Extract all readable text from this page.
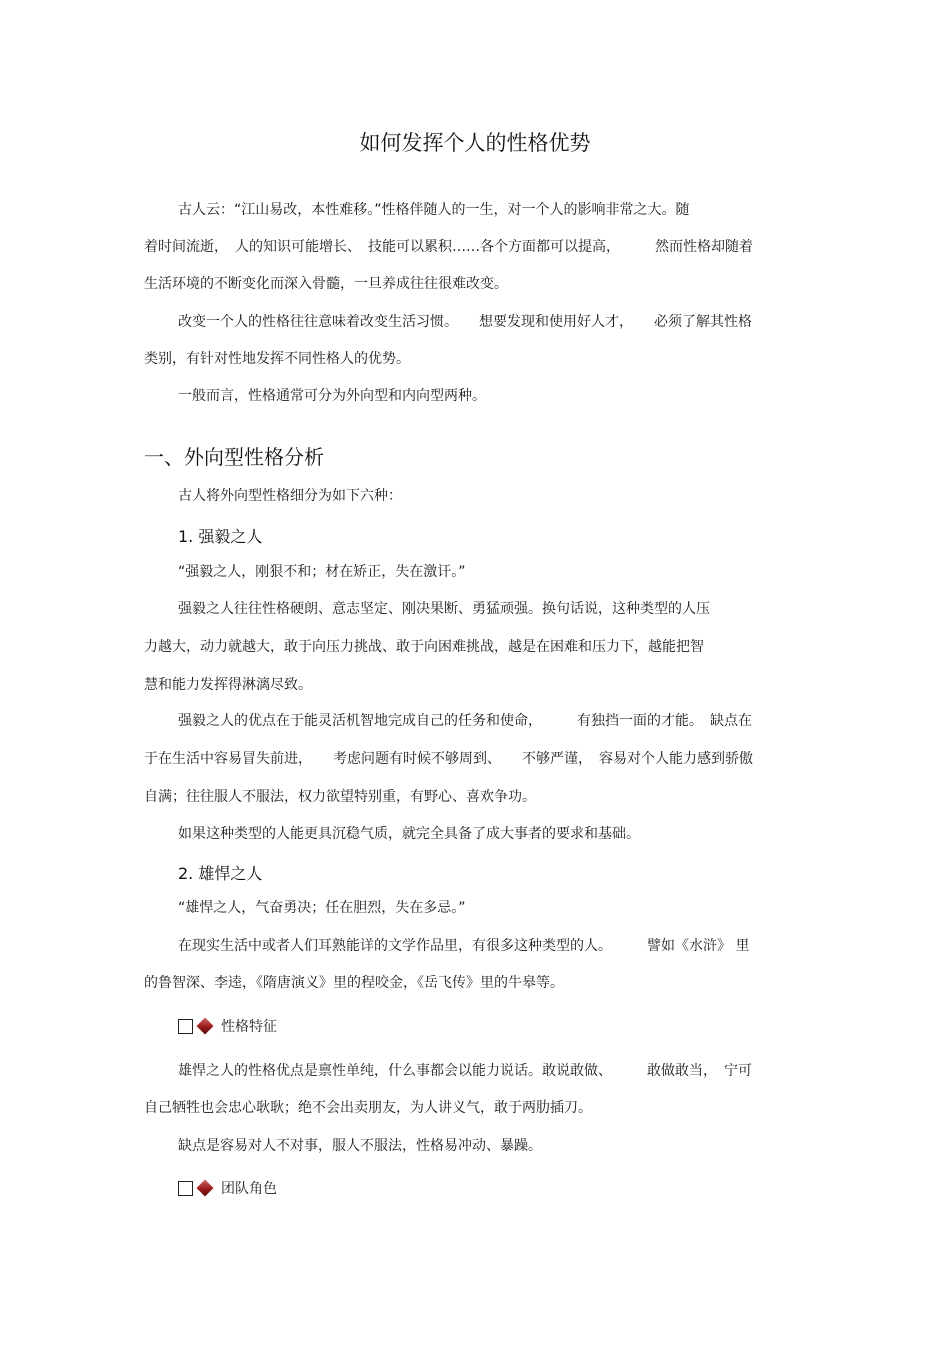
如何发挥个人的性格优势
古人云：“江山易改，本性难移。”性格伴随人的一生，对一个人的影响非常之大。随
着时间流逝，　人的知识可能增长、　技能可以累积……各个方面都可以提高，　　　然而性格却随着
生活环境的不断变化而深入骨髓，一旦养成往往很难改变。
改变一个人的性格往往意味着改变生活习惯。　　想要发现和使用好人才，　　必须了解其性格
类别，有针对性地发挥不同性格人的优势。
一般而言，性格通常可分为外向型和内向型两种。
一、外向型性格分析
古人将外向型性格细分为如下六种：
1. 强毅之人
“强毅之人，刚狠不和；材在矫正，失在激讦。”
强毅之人往往性格硬朗、意志坚定、刚决果断、勇猛顽强。换句话说，这种类型的人压
力越大，动力就越大，敢于向压力挑战、敢于向困难挑战，越是在困难和压力下，越能把智
慧和能力发挥得淋漓尽致。
强毅之人的优点在于能灵活机智地完成自己的任务和使命，　　　有独挡一面的才能。　缺点在
于在生活中容易冒失前进，　　考虑问题有时候不够周到、　　不够严谨，　容易对个人能力感到骄傲
自满；往往服人不服法，权力欲望特别重，有野心、喜欢争功。
如果这种类型的人能更具沉稳气质，就完全具备了成大事者的要求和基础。
2. 雄悍之人
“雄悍之人，气奋勇决；任在胆烈，失在多忌。”
在现实生活中或者人们耳熟能详的文学作品里，有很多这种类型的人。　　　譬如《水浒》 里
的鲁智深、李逵，《隋唐演义》里的程咬金，《岳飞传》里的牛皋等。
性格特征
雄悍之人的性格优点是禀性单纯，什么事都会以能力说话。敢说敢做、　　　敢做敢当，　宁可
自己牺牲也会忠心耿耿；绝不会出卖朋友，为人讲义气，敢于两肋插刀。
缺点是容易对人不对事，服人不服法，性格易冲动、暴躁。
团队角色
